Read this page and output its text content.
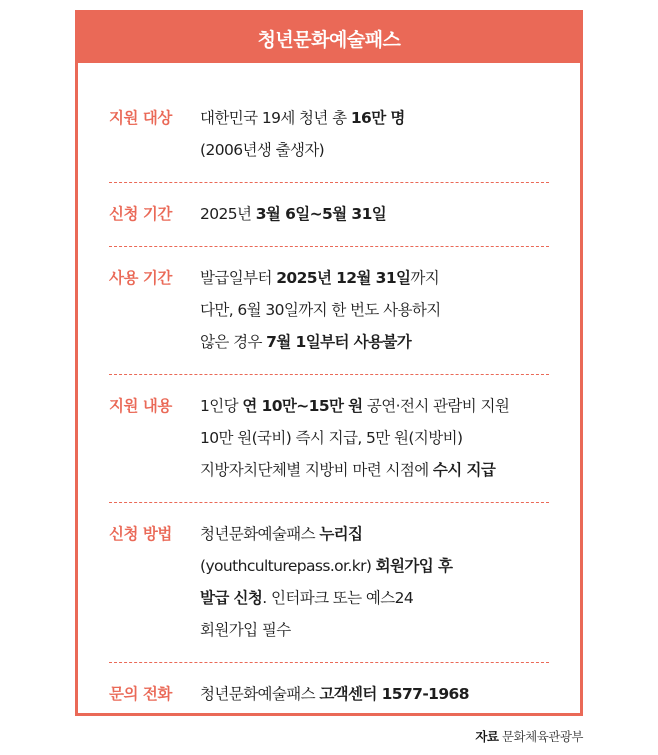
청년문화예술패스
지원 대상	대한민국 19세 청년 총 16만 명
(2006년생 출생자)
신청 기간	2025년 3월 6일~5월 31일
사용 기간	발급일부터 2025년 12월 31일까지
다만, 6월 30일까지 한 번도 사용하지
않은 경우 7월 1일부터 사용불가
지원 내용	1인당 연 10만~15만 원 공연·전시 관람비 지원
10만 원(국비) 즉시 지급, 5만 원(지방비)
지방자치단체별 지방비 마련 시점에 수시 지급
신청 방법	청년문화예술패스 누리집
(youthculturepass.or.kr) 회원가입 후
발급 신청. 인터파크 또는 예스24
회원가입 필수
문의 전화	청년문화예술패스 고객센터 1577-1968
자료 문화체육관광부
